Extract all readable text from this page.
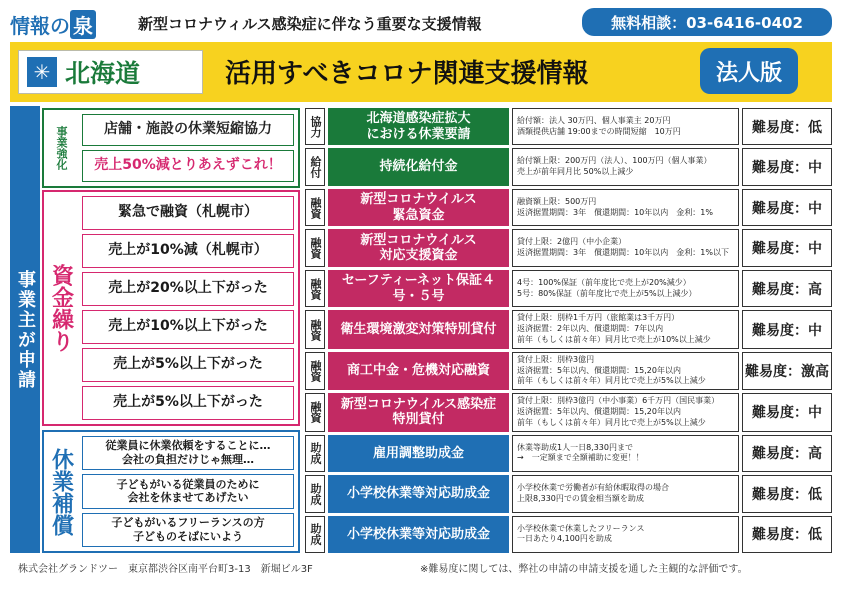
情報の 泉	新型コロナウィルス感染症に伴なう重要な支援情報	無料相談：03-6416-0402
✳ 北海道	活用すべきコロナ関連支援情報	法人版
事業主が申請
事業強化	店舗・施設の休業短縮協力
売上50%減とりあえずこれ！
資金繰り
緊急で融資（札幌市）
売上が10%減（札幌市）
売上が20%以上下がった
売上が10%以上下がった
売上が5%以上下がった
売上が5%以上下がった
休業補償
従業員に休業依頼をすることに…
会社の負担だけじゃ無理…
子どもがいる従業員のために
会社を休ませてあげたい
子どもがいるフリーランスの方
子どものそばにいよう
協力	北海道感染症拡大
における休業要請
給付額：法人 30万円、個人事業主 20万円
酒類提供店舗 19:00までの時間短縮　10万円	難易度：低
給付	持続化給付金	給付額上限：200万円（法人）、100万円（個人事業）
売上が前年同月比 50%以上減少	難易度：中
融資	新型コロナウイルス
緊急資金
融資額上限：500万円
返済据置期間：3年　償還期間：10年以内　金利：1%	難易度：中
融資	新型コロナウイルス
対応支援資金
貸付上限：2億円（中小企業）
返済据置期間：3年　償還期間：10年以内　金利：1%以下	難易度：中
融資	セーフティーネット保証４号・５号
4号：100%保証（前年度比で売上が20%減少）
5号：80%保証（前年度比で売上が5%以上減少）	難易度：高
融資	衛生環境激変対策特別貸付
貸付上限：別枠1千万円（旅館業は3千万円）
返済据置：2年以内、償還期間：7年以内
前年（もしくは前々年）同月比で売上が10%以上減少
難易度：中
融資	商工中金・危機対応融資
貸付上限：別枠3億円
返済据置：5年以内、償還期間：15,20年以内
前年（もしくは前々年）同月比で売上が5%以上減少
難易度：激高
融資	新型コロナウイルス感染症
特別貸付
貸付上限：別枠3億円（中小事業）6千万円（国民事業）
返済据置：5年以内、償還期間：15,20年以内
前年（もしくは前々年）同月比で売上が5%以上減少
難易度：中
助成	雇用調整助成金	休業等助成1人一日8,330円まで
→　一定額まで全額補助に変更！！	難易度：高
助成	小学校休業等対応助成金	小学校休業で労働者が有給休暇取得の場合
上限8,330円での賃金相当額を助成	難易度：低
助成	小学校休業等対応助成金	小学校休業で休業したフリーランス
一日あたり4,100円を助成	難易度：低
株式会社グランドツー　東京都渋谷区南平台町3-13　新堀ビル3F	※難易度に関しては、弊社の申請の申請支援を通した主観的な評価です。
